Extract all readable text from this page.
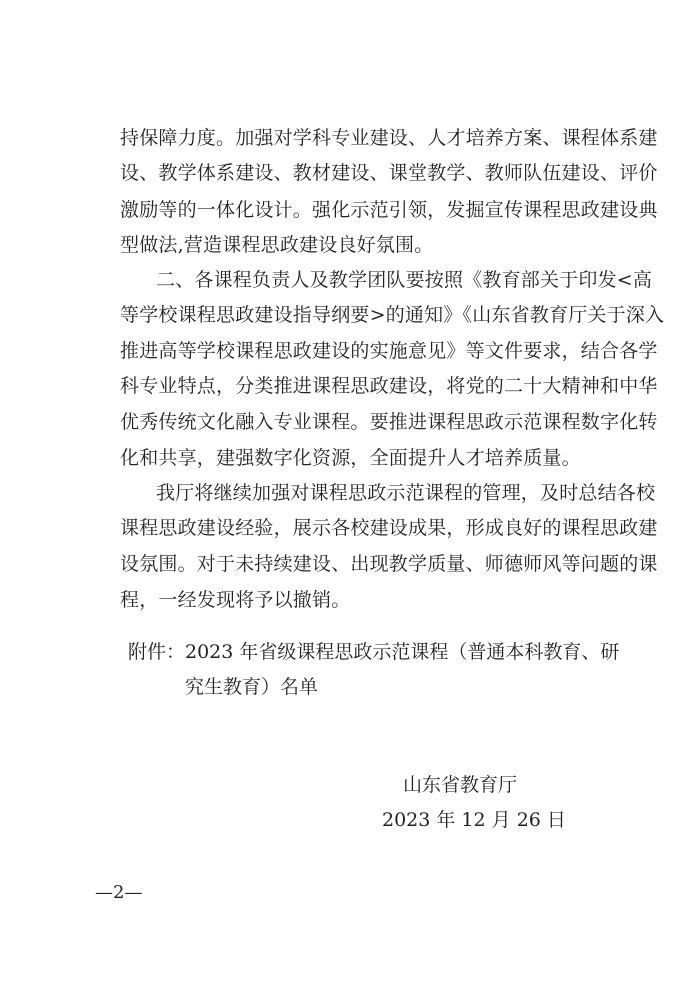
持保障力度。加强对学科专业建设、人才培养方案、课程体系建
设、教学体系建设、教材建设、课堂教学、教师队伍建设、评价
激励等的一体化设计。强化示范引领，发掘宣传课程思政建设典
型做法,营造课程思政建设良好氛围。
二、各课程负责人及教学团队要按照《教育部关于印发<高
等学校课程思政建设指导纲要>的通知》《山东省教育厅关于深入
推进高等学校课程思政建设的实施意见》等文件要求，结合各学
科专业特点，分类推进课程思政建设，将党的二十大精神和中华
优秀传统文化融入专业课程。要推进课程思政示范课程数字化转
化和共享，建强数字化资源，全面提升人才培养质量。
我厅将继续加强对课程思政示范课程的管理，及时总结各校
课程思政建设经验，展示各校建设成果，形成良好的课程思政建
设氛围。对于未持续建设、出现教学质量、师德师风等问题的课
程，一经发现将予以撤销。
附件： 2023 年省级课程思政示范课程（普通本科教育、研
究生教育）名单
山东省教育厅
2023 年 12 月 26 日
—2—
